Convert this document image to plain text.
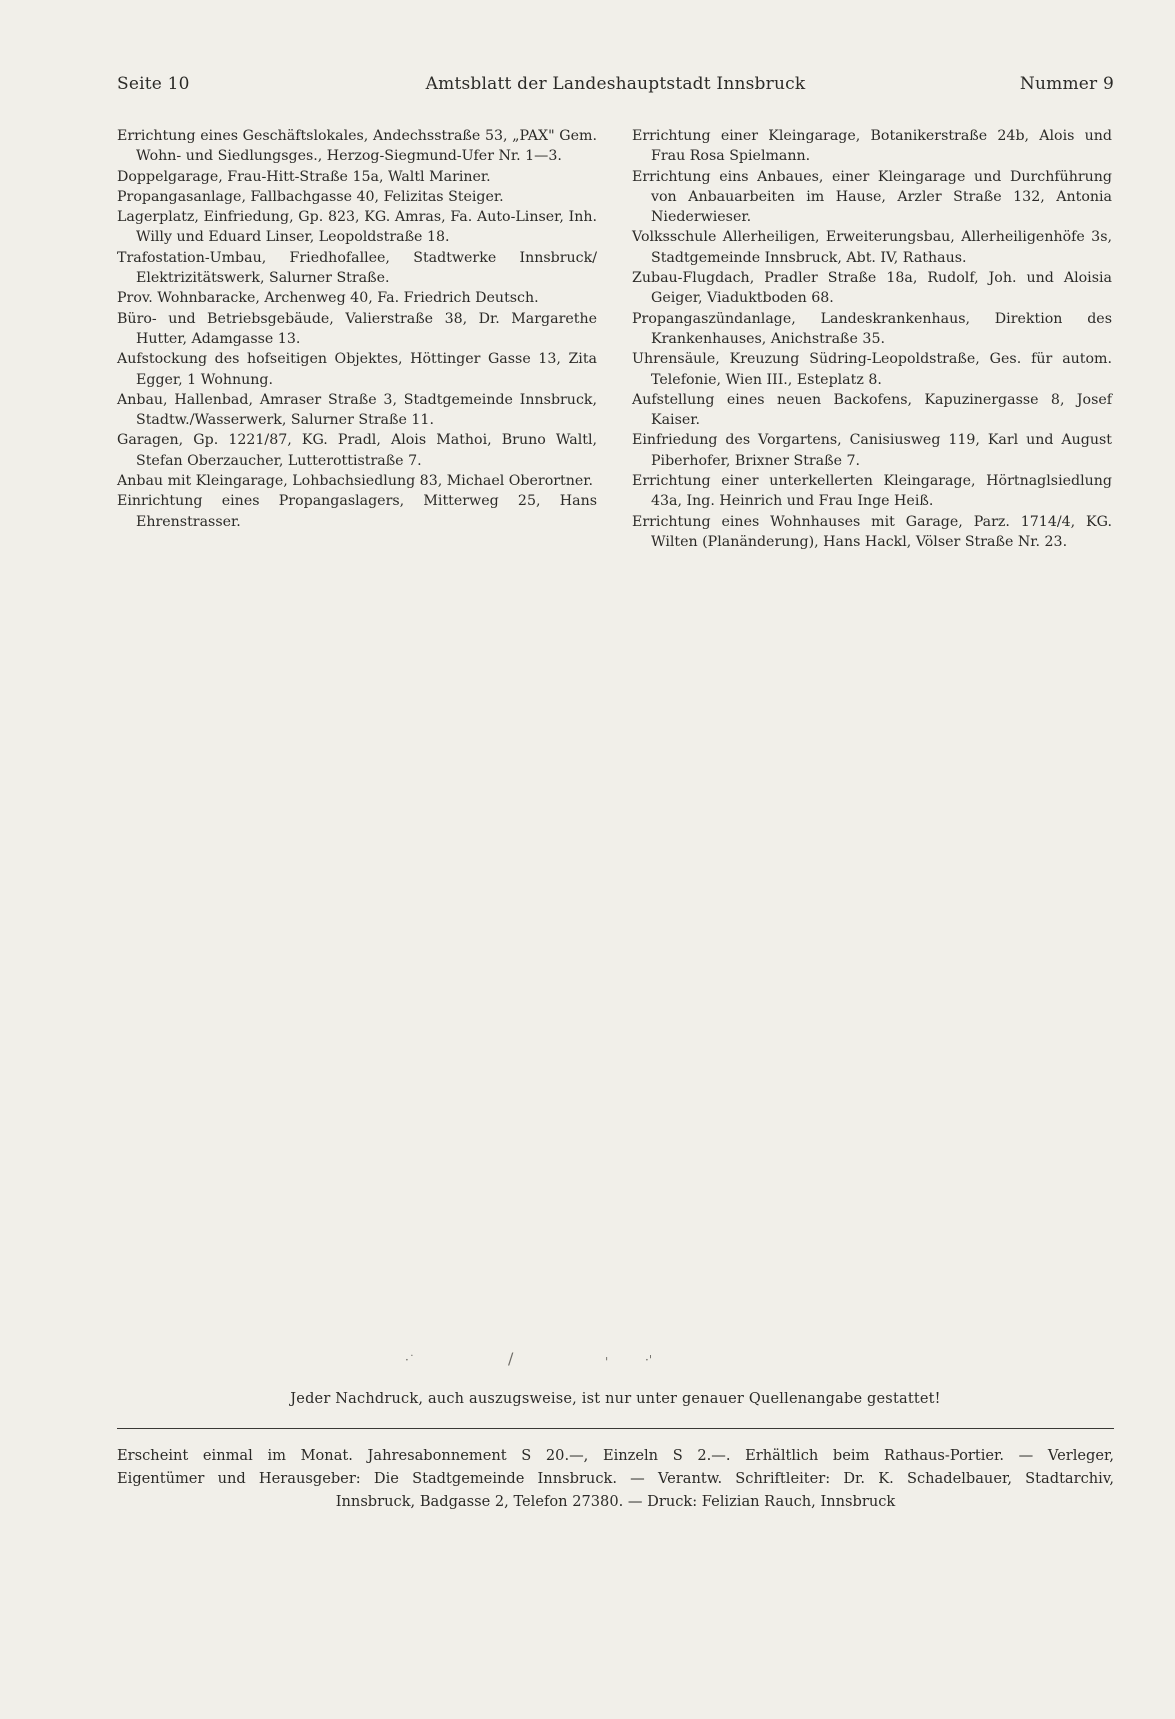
Seite 10	Amtsblatt der Landeshauptstadt Innsbruck	Nummer 9

Errichtung eines Geschäftslokales, Andechsstraße 53, „PAX" Gem. Wohn- und Siedlungsges., Herzog-Siegmund-Ufer Nr. 1—3.

Doppelgarage, Frau-Hitt-Straße 15a, Waltl Mariner.

Propangasanlage, Fallbachgasse 40, Felizitas Steiger.

Lagerplatz, Einfriedung, Gp. 823, KG. Amras, Fa. Auto-Linser, Inh. Willy und Eduard Linser, Leopoldstraße 18.

Trafostation-Umbau, Friedhofallee, Stadtwerke Innsbruck/ Elektrizitätswerk, Salurner Straße.

Prov. Wohnbaracke, Archenweg 40, Fa. Friedrich Deutsch.

Büro- und Betriebsgebäude, Valierstraße 38, Dr. Margarethe Hutter, Adamgasse 13.

Aufstockung des hofseitigen Objektes, Höttinger Gasse 13, Zita Egger, 1 Wohnung.

Anbau, Hallenbad, Amraser Straße 3, Stadtgemeinde Innsbruck, Stadtw./Wasserwerk, Salurner Straße 11.

Garagen, Gp. 1221/87, KG. Pradl, Alois Mathoi, Bruno Waltl, Stefan Oberzaucher, Lutterottistraße 7.

Anbau mit Kleingarage, Lohbachsiedlung 83, Michael Oberortner.

Einrichtung eines Propangaslagers, Mitterweg 25, Hans Ehrenstrasser.

Errichtung einer Kleingarage, Botanikerstraße 24b, Alois und Frau Rosa Spielmann.

Errichtung eins Anbaues, einer Kleingarage und Durchführung von Anbauarbeiten im Hause, Arzler Straße 132, Antonia Niederwieser.

Volksschule Allerheiligen, Erweiterungsbau, Allerheiligenhöfe 3s, Stadtgemeinde Innsbruck, Abt. IV, Rathaus.

Zubau-Flugdach, Pradler Straße 18a, Rudolf, Joh. und Aloisia Geiger, Viaduktboden 68.

Propangaszündanlage, Landeskrankenhaus, Direktion des Krankenhauses, Anichstraße 35.

Uhrensäule, Kreuzung Südring-Leopoldstraße, Ges. für autom. Telefonie, Wien III., Esteplatz 8.

Aufstellung eines neuen Backofens, Kapuzinergasse 8, Josef Kaiser.

Einfriedung des Vorgartens, Canisiusweg 119, Karl und August Piberhofer, Brixner Straße 7.

Errichtung einer unterkellerten Kleingarage, Hörtnaglsiedlung 43a, Ing. Heinrich und Frau Inge Heiß.

Errichtung eines Wohnhauses mit Garage, Parz. 1714/4, KG. Wilten (Planänderung), Hans Hackl, Völser Straße Nr. 23.

·˙	/	'	·'
Jeder Nachdruck, auch auszugsweise, ist nur unter genauer Quellenangabe gestattet!
Erscheint einmal im Monat. Jahresabonnement S 20.—, Einzeln S 2.—. Erhältlich beim Rathaus-Portier. — Verleger,
Eigentümer und Herausgeber: Die Stadtgemeinde Innsbruck. — Verantw. Schriftleiter: Dr. K. Schadelbauer, Stadtarchiv,
Innsbruck, Badgasse 2, Telefon 27380. — Druck: Felizian Rauch, Innsbruck
